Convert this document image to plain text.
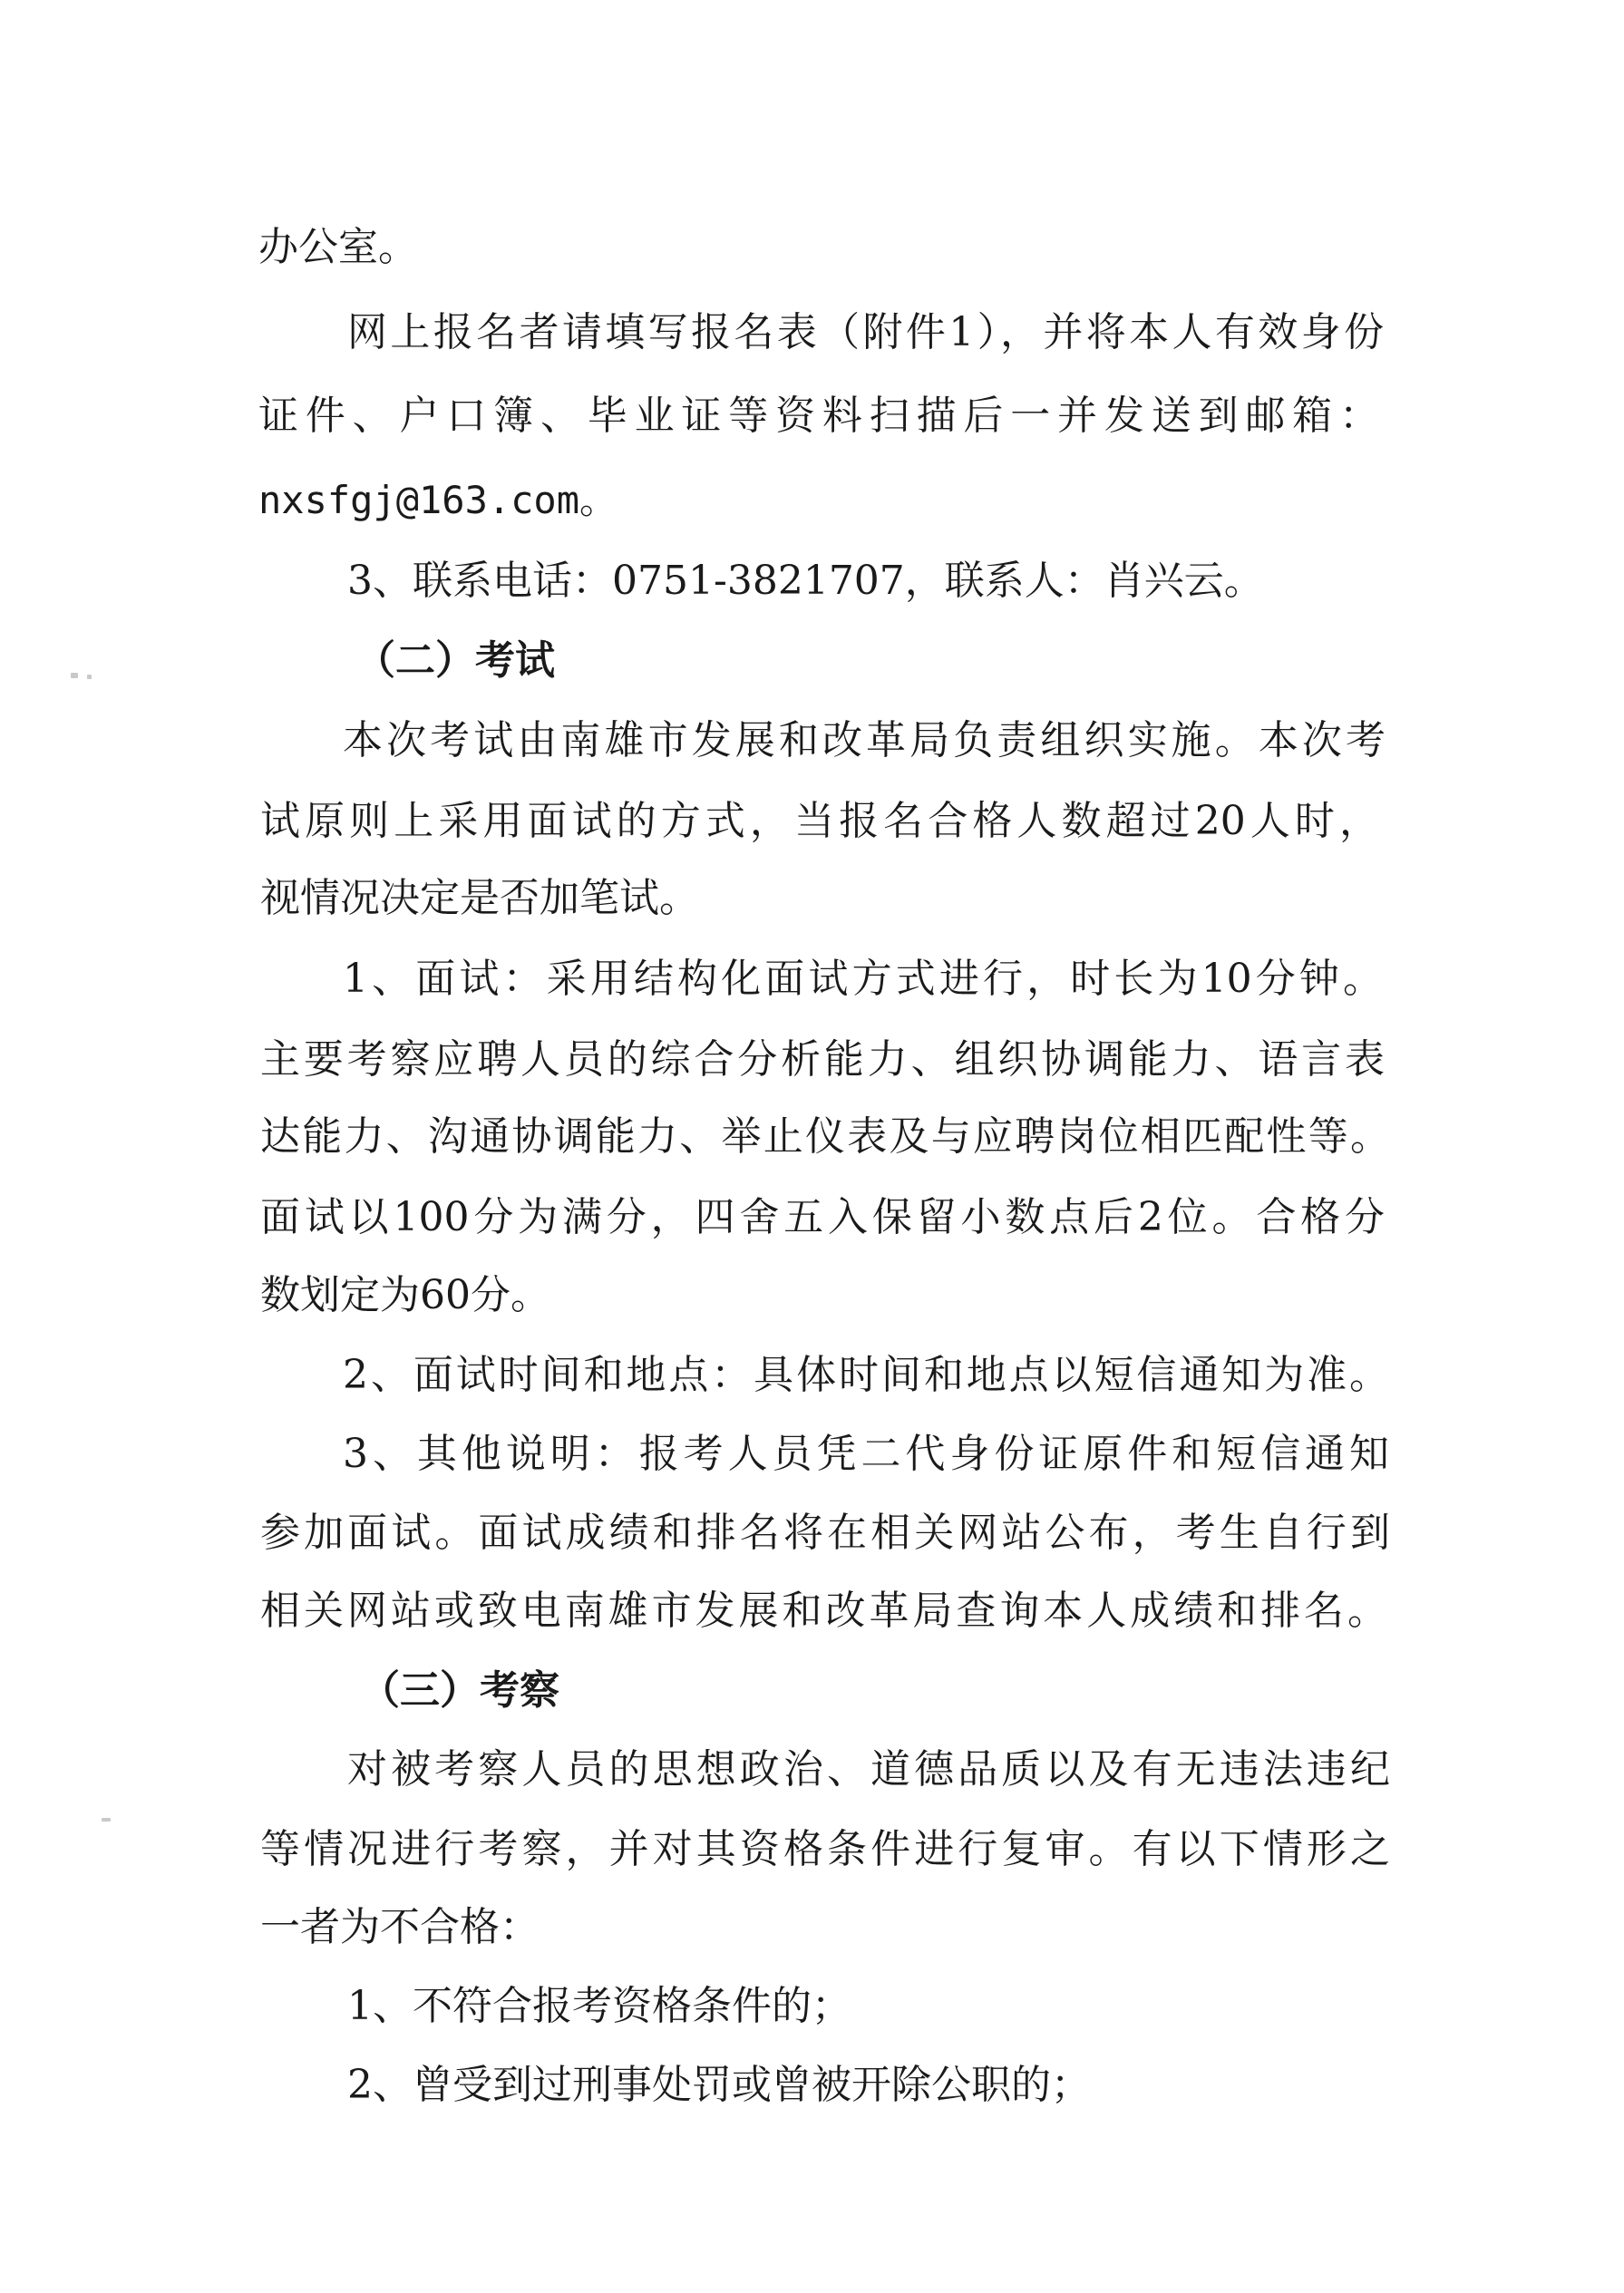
办公室。
网上报名者请填写报名表（附件1），并将本人有效身份
证件、户口簿、毕业证等资料扫描后一并发送到邮箱：
nxsfgj@163.com。
3、联系电话：0751-3821707，联系人：肖兴云。
（二）考试
本次考试由南雄市发展和改革局负责组织实施。本次考
试原则上采用面试的方式，当报名合格人数超过20人时，
视情况决定是否加笔试。
1、面试：采用结构化面试方式进行，时长为10分钟。
主要考察应聘人员的综合分析能力、组织协调能力、语言表
达能力、沟通协调能力、举止仪表及与应聘岗位相匹配性等。
面试以100分为满分，四舍五入保留小数点后2位。合格分
数划定为60分。
2、面试时间和地点：具体时间和地点以短信通知为准。
3、其他说明：报考人员凭二代身份证原件和短信通知
参加面试。面试成绩和排名将在相关网站公布，考生自行到
相关网站或致电南雄市发展和改革局查询本人成绩和排名。
（三）考察
对被考察人员的思想政治、道德品质以及有无违法违纪
等情况进行考察，并对其资格条件进行复审。有以下情形之
一者为不合格：
1、不符合报考资格条件的；
2、曾受到过刑事处罚或曾被开除公职的；
